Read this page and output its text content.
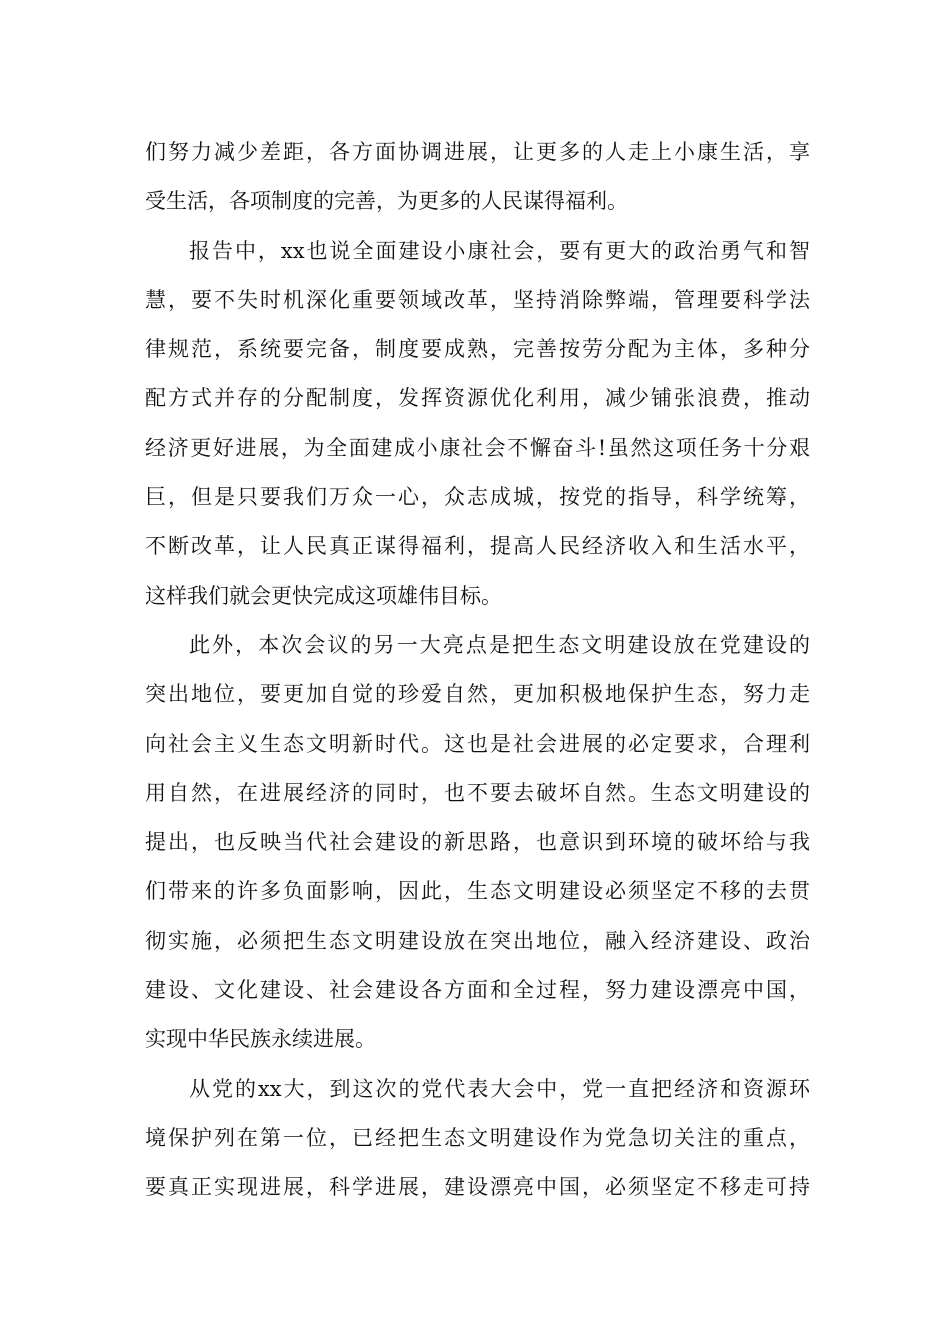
们努力减少差距，各方面协调进展，让更多的人走上小康生活，享
受生活，各项制度的完善，为更多的人民谋得福利。
报告中，xx也说全面建设小康社会，要有更大的政治勇气和智
慧，要不失时机深化重要领域改革，坚持消除弊端，管理要科学法
律规范，系统要完备，制度要成熟，完善按劳分配为主体，多种分
配方式并存的分配制度，发挥资源优化利用，减少铺张浪费，推动
经济更好进展，为全面建成小康社会不懈奋斗!虽然这项任务十分艰
巨，但是只要我们万众一心，众志成城，按党的指导，科学统筹，
不断改革，让人民真正谋得福利，提高人民经济收入和生活水平，
这样我们就会更快完成这项雄伟目标。
此外，本次会议的另一大亮点是把生态文明建设放在党建设的
突出地位，要更加自觉的珍爱自然，更加积极地保护生态，努力走
向社会主义生态文明新时代。这也是社会进展的必定要求，合理利
用自然，在进展经济的同时，也不要去破坏自然。生态文明建设的
提出，也反映当代社会建设的新思路，也意识到环境的破坏给与我
们带来的许多负面影响，因此，生态文明建设必须坚定不移的去贯
彻实施，必须把生态文明建设放在突出地位，融入经济建设、政治
建设、文化建设、社会建设各方面和全过程，努力建设漂亮中国，
实现中华民族永续进展。
从党的xx大，到这次的党代表大会中，党一直把经济和资源环
境保护列在第一位，已经把生态文明建设作为党急切关注的重点，
要真正实现进展，科学进展，建设漂亮中国，必须坚定不移走可持
